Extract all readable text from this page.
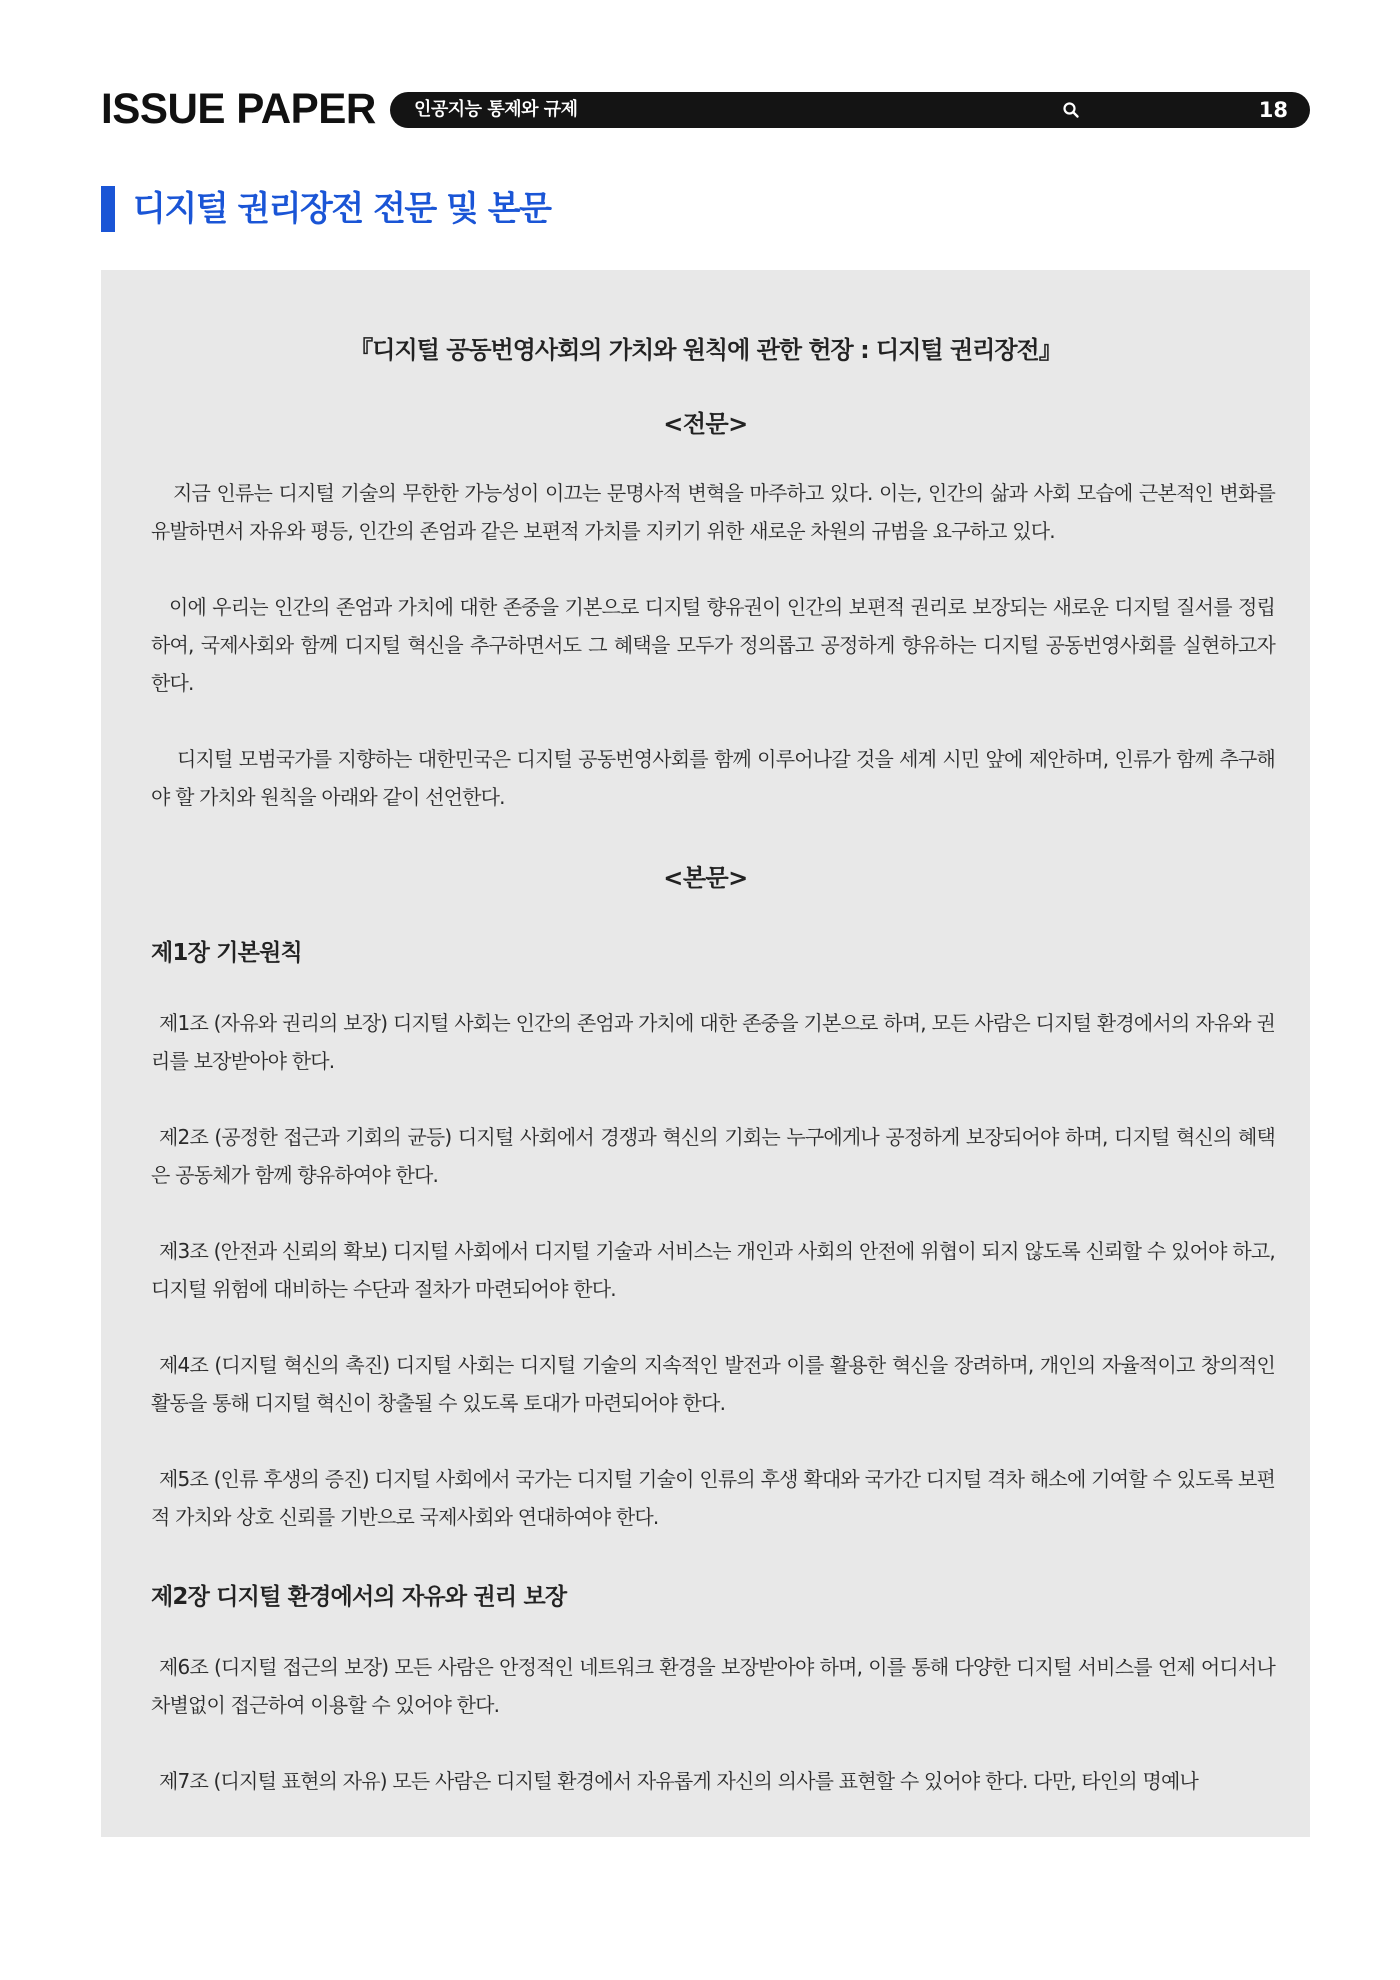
ISSUE PAPER 인공지능 통제와 규제	18
디지털 권리장전 전문 및 본문
『디지털 공동번영사회의 가치와 원칙에 관한 헌장 : 디지털 권리장전』
<전문>

지금 인류는 디지털 기술의 무한한 가능성이 이끄는 문명사적 변혁을 마주하고 있다. 이는, 인간의 삶과 사회 모습에 근본적인 변화를 유발하면서 자유와 평등, 인간의 존엄과 같은 보편적 가치를 지키기 위한 새로운 차원의 규범을 요구하고 있다.

이에 우리는 인간의 존엄과 가치에 대한 존중을 기본으로 디지털 향유권이 인간의 보편적 권리로 보장되는 새로운 디지털 질서를 정립하여, 국제사회와 함께 디지털 혁신을 추구하면서도 그 혜택을 모두가 정의롭고 공정하게 향유하는 디지털 공동번영사회를 실현하고자 한다.

디지털 모범국가를 지향하는 대한민국은 디지털 공동번영사회를 함께 이루어나갈 것을 세계 시민 앞에 제안하며, 인류가 함께 추구해야 할 가치와 원칙을 아래와 같이 선언한다.

<본문>
제1장 기본원칙

제1조 (자유와 권리의 보장) 디지털 사회는 인간의 존엄과 가치에 대한 존중을 기본으로 하며, 모든 사람은 디지털 환경에서의 자유와 권리를 보장받아야 한다.

제2조 (공정한 접근과 기회의 균등) 디지털 사회에서 경쟁과 혁신의 기회는 누구에게나 공정하게 보장되어야 하며, 디지털 혁신의 혜택은 공동체가 함께 향유하여야 한다.

제3조 (안전과 신뢰의 확보) 디지털 사회에서 디지털 기술과 서비스는 개인과 사회의 안전에 위협이 되지 않도록 신뢰할 수 있어야 하고, 디지털 위험에 대비하는 수단과 절차가 마련되어야 한다.

제4조 (디지털 혁신의 촉진) 디지털 사회는 디지털 기술의 지속적인 발전과 이를 활용한 혁신을 장려하며, 개인의 자율적이고 창의적인 활동을 통해 디지털 혁신이 창출될 수 있도록 토대가 마련되어야 한다.

제5조 (인류 후생의 증진) 디지털 사회에서 국가는 디지털 기술이 인류의 후생 확대와 국가간 디지털 격차 해소에 기여할 수 있도록 보편적 가치와 상호 신뢰를 기반으로 국제사회와 연대하여야 한다.

제2장 디지털 환경에서의 자유와 권리 보장

제6조 (디지털 접근의 보장) 모든 사람은 안정적인 네트워크 환경을 보장받아야 하며, 이를 통해 다양한 디지털 서비스를 언제 어디서나 차별없이 접근하여 이용할 수 있어야 한다.

제7조 (디지털 표현의 자유) 모든 사람은 디지털 환경에서 자유롭게 자신의 의사를 표현할 수 있어야 한다. 다만, 타인의 명예나
